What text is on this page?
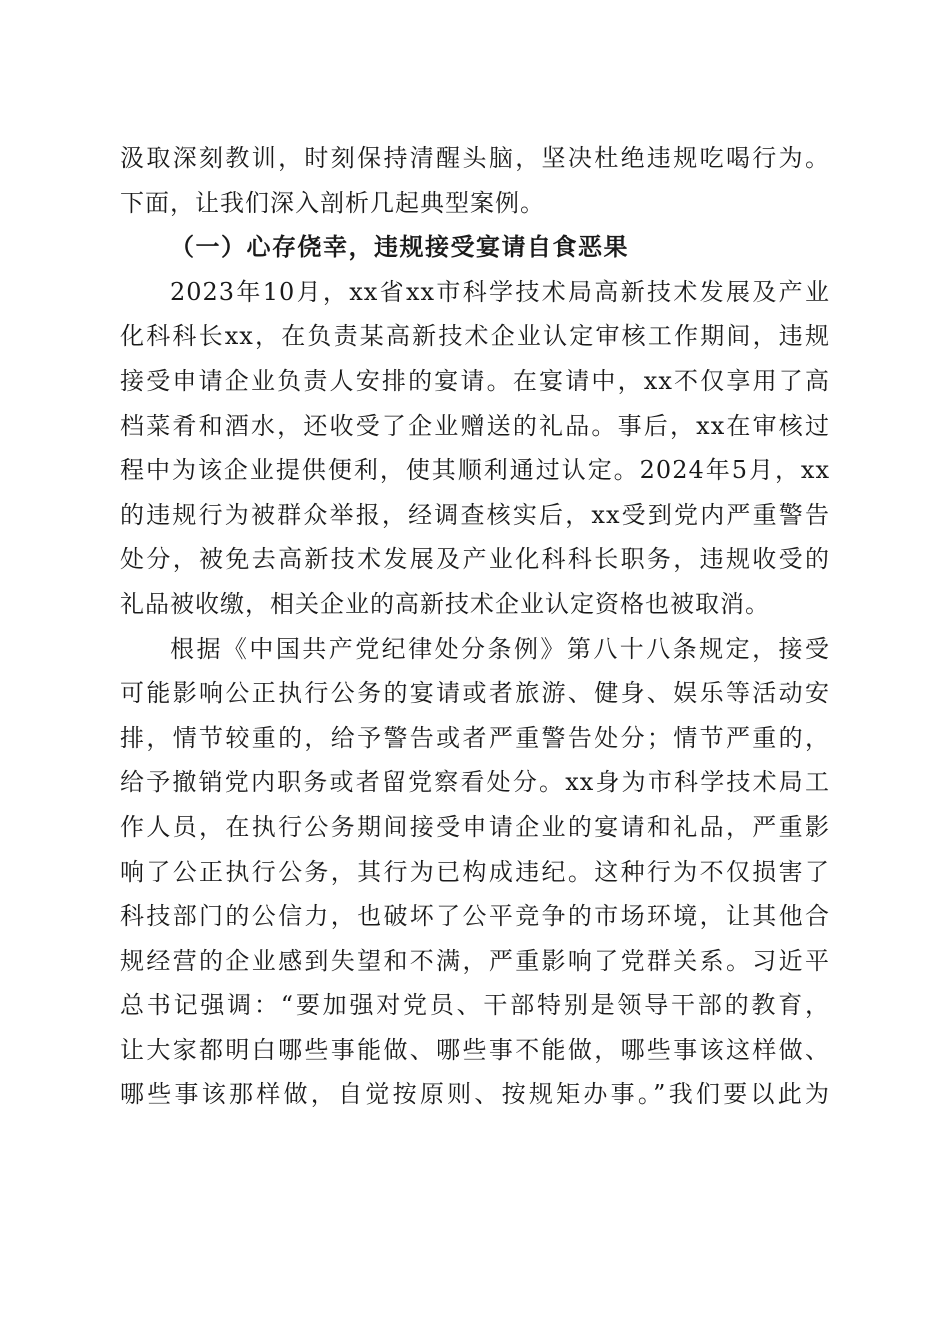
汲取深刻教训，时刻保持清醒头脑，坚决杜绝违规吃喝行为。
下面，让我们深入剖析几起典型案例。
（一）心存侥幸，违规接受宴请自食恶果
2023年10月，xx省xx市科学技术局高新技术发展及产业
化科科长xx，在负责某高新技术企业认定审核工作期间，违规
接受申请企业负责人安排的宴请。在宴请中，xx不仅享用了高
档菜肴和酒水，还收受了企业赠送的礼品。事后，xx在审核过
程中为该企业提供便利，使其顺利通过认定。2024年5月，xx
的违规行为被群众举报，经调查核实后，xx受到党内严重警告
处分，被免去高新技术发展及产业化科科长职务，违规收受的
礼品被收缴，相关企业的高新技术企业认定资格也被取消。
根据《中国共产党纪律处分条例》第八十八条规定，接受
可能影响公正执行公务的宴请或者旅游、健身、娱乐等活动安
排，情节较重的，给予警告或者严重警告处分；情节严重的，
给予撤销党内职务或者留党察看处分。xx身为市科学技术局工
作人员，在执行公务期间接受申请企业的宴请和礼品，严重影
响了公正执行公务，其行为已构成违纪。这种行为不仅损害了
科技部门的公信力，也破坏了公平竞争的市场环境，让其他合
规经营的企业感到失望和不满，严重影响了党群关系。习近平
总书记强调：“要加强对党员、干部特别是领导干部的教育，
让大家都明白哪些事能做、哪些事不能做，哪些事该这样做、
哪些事该那样做，自觉按原则、按规矩办事。”我们要以此为
